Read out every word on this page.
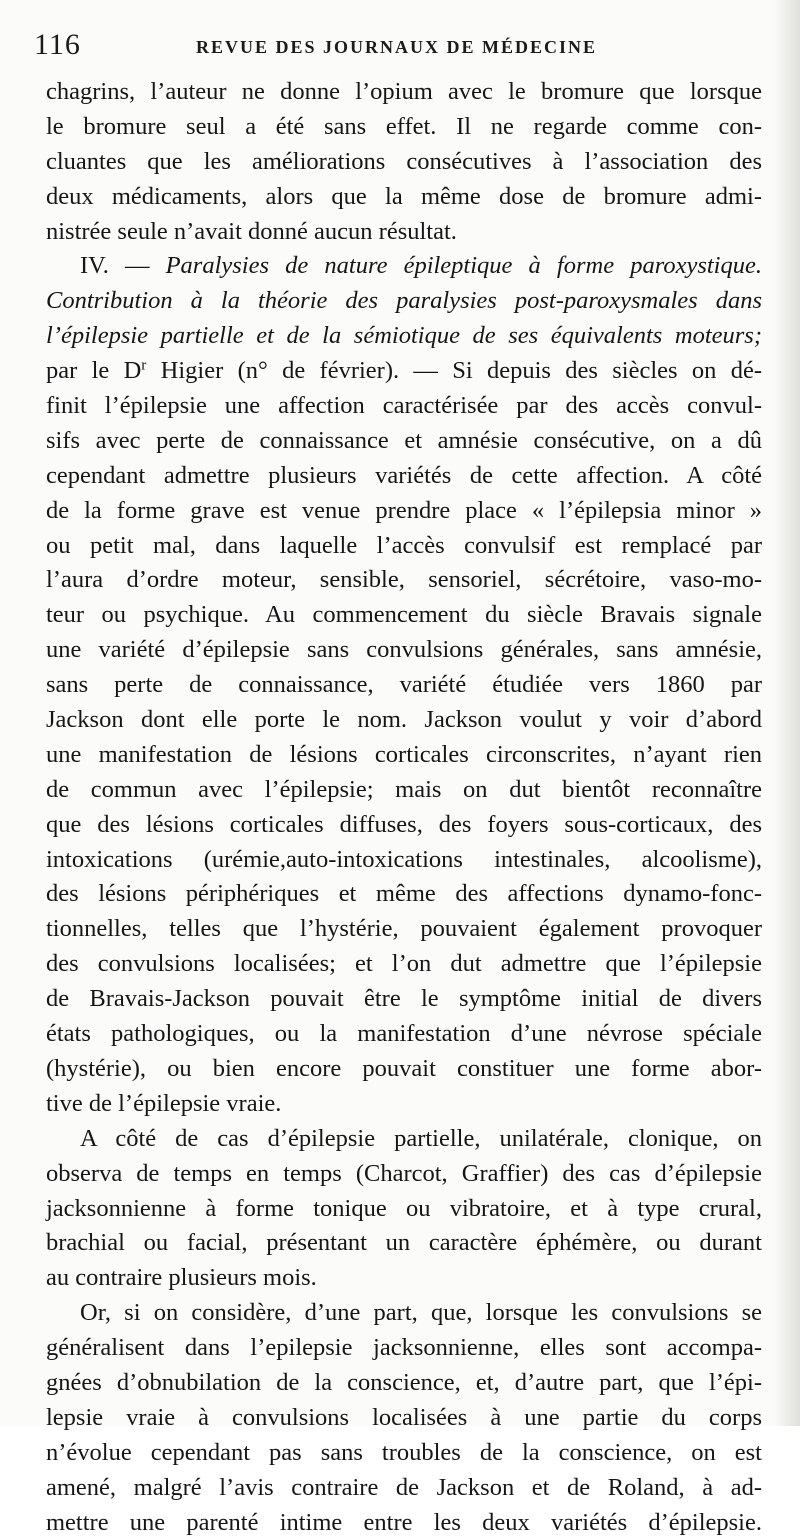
116	REVUE DES JOURNAUX DE MÉDECINE
chagrins, l’auteur ne donne l’opium avec le bromure que lorsque
le bromure seul a été sans effet. Il ne regarde comme con-
cluantes que les améliorations consécutives à l’association des
deux médicaments, alors que la même dose de bromure admi-
nistrée seule n’avait donné aucun résultat.
IV. — Paralysies de nature épileptique à forme paroxystique.
Contribution à la théorie des paralysies post-paroxysmales dans
l’épilepsie partielle et de la sémiotique de ses équivalents moteurs;
par le $D^r$ Higier (n° de février). — Si depuis des siècles on dé-
finit l’épilepsie une affection caractérisée par des accès convul-
sifs avec perte de connaissance et amnésie consécutive, on a dû
cependant admettre plusieurs variétés de cette affection. A côté
de la forme grave est venue prendre place « l’épilepsia minor »
ou petit mal, dans laquelle l’accès convulsif est remplacé par
l’aura d’ordre moteur, sensible, sensoriel, sécrétoire, vaso-mo-
teur ou psychique. Au commencement du siècle Bravais signale
une variété d’épilepsie sans convulsions générales, sans amnésie,
sans perte de connaissance, variété étudiée vers 1860 par
Jackson dont elle porte le nom. Jackson voulut y voir d’abord
une manifestation de lésions corticales circonscrites, n’ayant rien
de commun avec l’épilepsie; mais on dut bientôt reconnaître
que des lésions corticales diffuses, des foyers sous-corticaux, des
intoxications (urémie,auto-intoxications intestinales, alcoolisme),
des lésions périphériques et même des affections dynamo-fonc-
tionnelles, telles que l’hystérie, pouvaient également provoquer
des convulsions localisées; et l’on dut admettre que l’épilepsie
de Bravais-Jackson pouvait être le symptôme initial de divers
états pathologiques, ou la manifestation d’une névrose spéciale
(hystérie), ou bien encore pouvait constituer une forme abor-
tive de l’épilepsie vraie.
A côté de cas d’épilepsie partielle, unilatérale, clonique, on
observa de temps en temps (Charcot, Graffier) des cas d’épilepsie
jacksonnienne à forme tonique ou vibratoire, et à type crural,
brachial ou facial, présentant un caractère éphémère, ou durant
au contraire plusieurs mois.
Or, si on considère, d’une part, que, lorsque les convulsions se
généralisent dans l’epilepsie jacksonnienne, elles sont accompa-
gnées d’obnubilation de la conscience, et, d’autre part, que l’épi-
lepsie vraie à convulsions localisées à une partie du corps
n’évolue cependant pas sans troubles de la conscience, on est
amené, malgré l’avis contraire de Jackson et de Roland, à ad-
mettre une parenté intime entre les deux variétés d’épilepsie.
